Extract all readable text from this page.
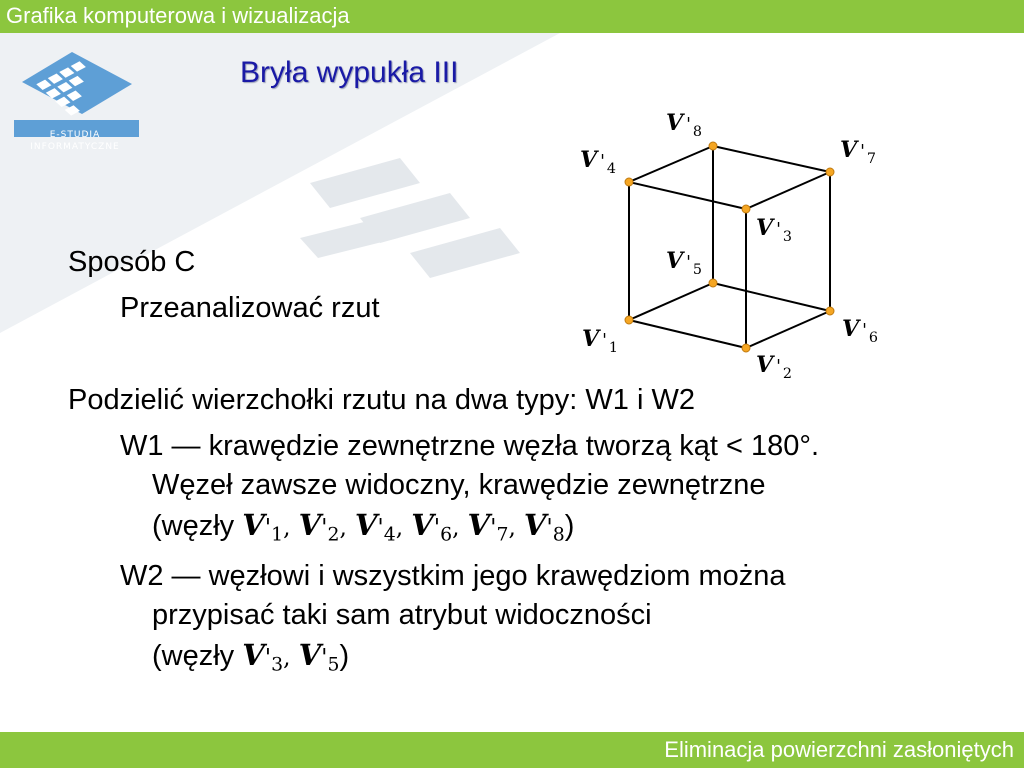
Grafika komputerowa i wizualizacja
E-STUDIA
INFORMATYCZNE
Bryła wypukła III
V ' $_1$
V ' $_2$
V ' $_3$
V ' $_4$
V ' $_5$
V ' $_6$
V ' $_7$
V ' $_8$
Sposób C
Przeanalizować rzut
Podzielić wierzchołki rzutu na dwa typy: W1 i W2
W1 — krawędzie zewnętrzne węzła tworzą kąt < 180°.
Węzeł zawsze widoczny, krawędzie zewnętrzne
(węzły V'1, V'2, V'4, V'6, V'7, V'8)
W2 — węzłowi i wszystkim jego krawędziom można
przypisać taki sam atrybut widoczności
(węzły V'3, V'5)
Eliminacja powierzchni zasłoniętych
